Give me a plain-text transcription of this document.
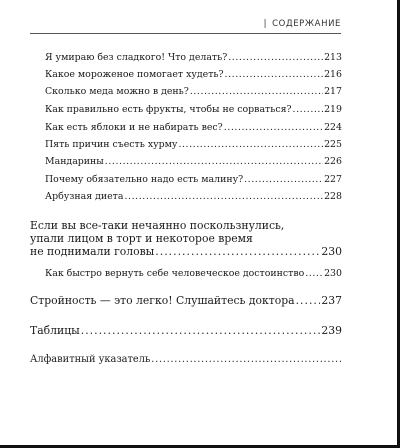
| СОДЕРЖАНИЕ
Я умираю без сладкого! Что делать? . . .	213
Какое мороженое помогает худеть? . . .	216
Сколько меда можно в день? . . .	217
Как правильно есть фрукты, чтобы не сорваться? . . .	219
Как есть яблоки и не набирать вес? . . .	224
Пять причин съесть хурму . . .	225
Мандарины . . .	226
Почему обязательно надо есть малину? . . .	227
Арбузная диета . . .	228
Если вы все-таки нечаянно поскользнулись,
упали лицом в торт и некоторое время
не поднимали головы . . .	230
Как быстро вернуть себе человеческое достоинство . . . 230
Стройность — это легко! Слушайтесь доктора . . . 237
Таблицы . . .	239
Алфавитный указатель
. . .
